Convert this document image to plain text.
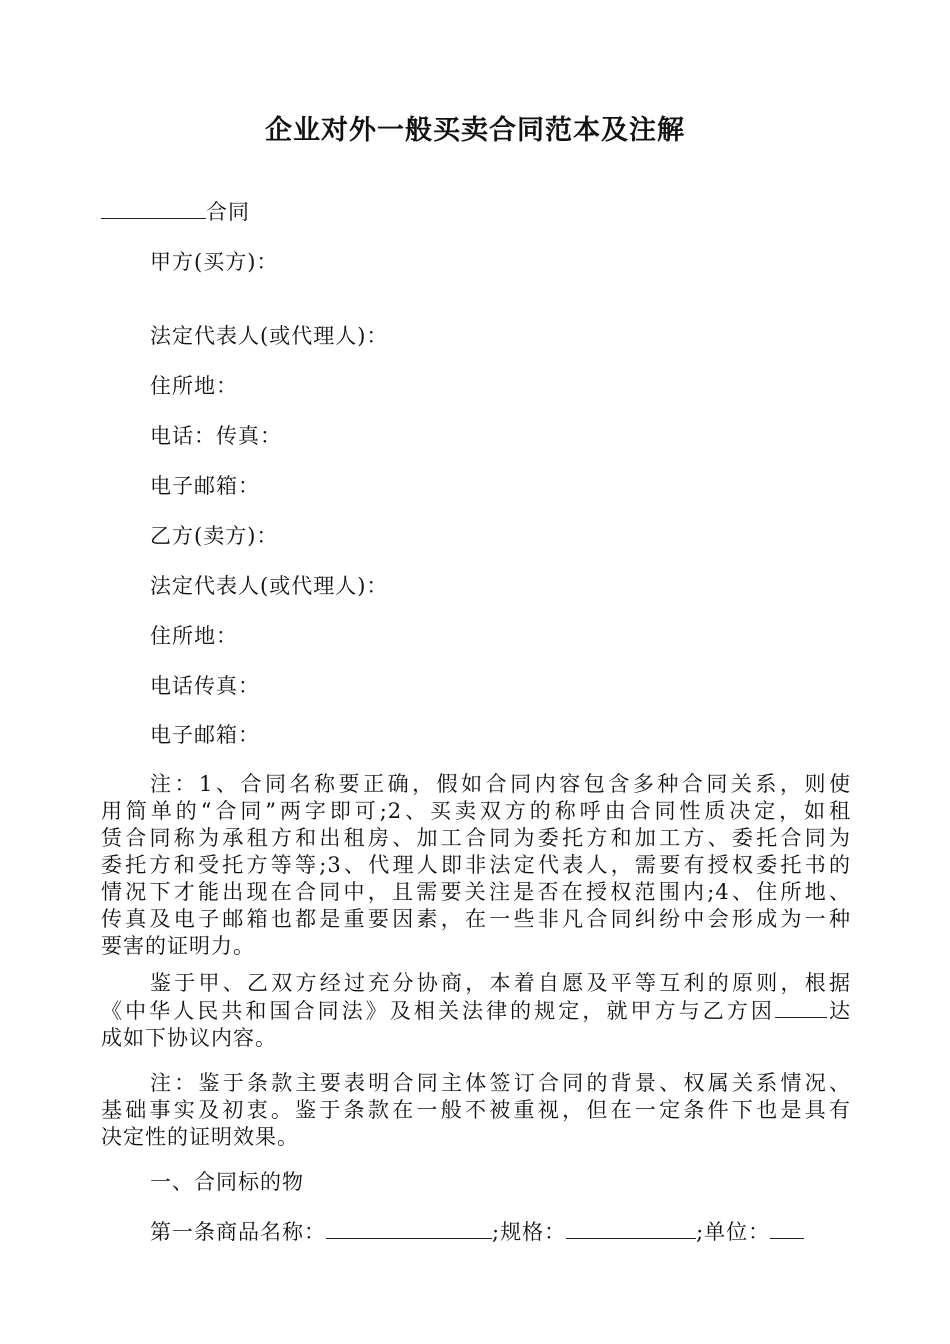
企业对外一般买卖合同范本及注解

合同

甲方(买方)：

法定代表人(或代理人)：

住所地：

电话：传真：

电子邮箱：

乙方(卖方)：

法定代表人(或代理人)：

住所地：

电话传真：

电子邮箱：

注：1、合同名称要正确，假如合同内容包含多种合同关系，则使
用简单的“合同”两字即可;2、买卖双方的称呼由合同性质决定，如租
赁合同称为承租方和出租房、加工合同为委托方和加工方、委托合同为
委托方和受托方等等;3、代理人即非法定代表人，需要有授权委托书的
情况下才能出现在合同中，且需要关注是否在授权范围内;4、住所地、
传真及电子邮箱也都是重要因素，在一些非凡合同纠纷中会形成为一种
要害的证明力。
鉴于甲、乙双方经过充分协商，本着自愿及平等互利的原则，根据
《中华人民共和国合同法》及相关法律的规定，就甲方与乙方因 达
成如下协议内容。
注：鉴于条款主要表明合同主体签订合同的背景、权属关系情况、
基础事实及初衷。鉴于条款在一般不被重视，但在一定条件下也是具有
决定性的证明效果。

一、合同标的物

第一条商品名称：	;规格：	;单位：
